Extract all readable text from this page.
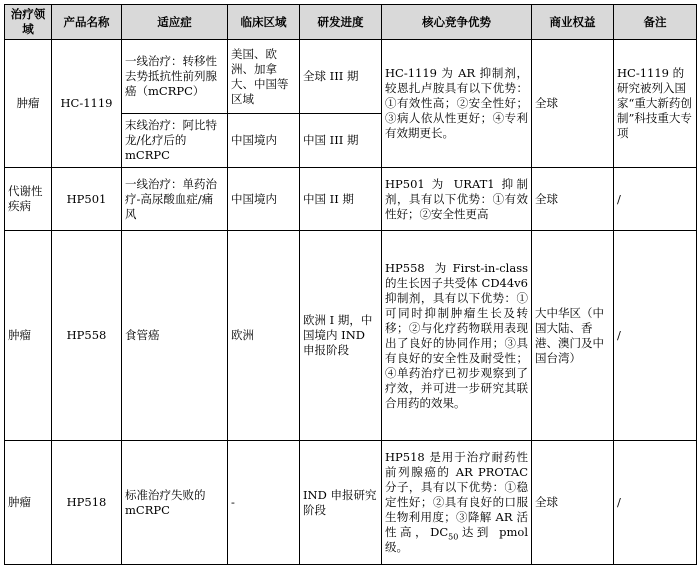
治疗领域	产品名称	适应症	临床区域	研发进度	核心竞争优势	商业权益	备注
肿瘤	HC-1119	一线治疗：转移性去势抵抗性前列腺癌（mCRPC）	美国、欧洲、加拿大、中国等区域	全球 III 期	HC-1119 为 AR 抑制剂，较恩扎卢胺具有以下优势：①有效性高；②安全性好；③病人依从性更好；④专利有效期更长。	全球	HC-1119 的研究被列入国家“重大新药创制”科技重大专项
		末线治疗：阿比特龙/化疗后的 mCRPC	中国境内	中国 III 期			
代谢性疾病	HP501	一线治疗：单药治疗-高尿酸血症/痛风	中国境内	中国 II 期	HP501 为 URAT1 抑制剂，具有以下优势：①有效性好；②安全性更高	全球	/
肿瘤	HP558	食管癌	欧洲	欧洲 I 期，中国境内 IND 申报阶段	HP558 为First-in-class 的生长因子共受体 CD44v6 抑制剂，具有以下优势：①可同时抑制肿瘤生长及转移；②与化疗药物联用表现出了良好的协同作用；③具有良好的安全性及耐受性；④单药治疗已初步观察到了疗效，并可进一步研究其联合用药的效果。	大中华区（中国大陆、香港、澳门及中国台湾）	/
肿瘤	HP518	标准治疗失败的 mCRPC	-	IND 申报研究阶段	HP518 是用于治疗耐药性前列腺癌的 AR PROTAC 分子，具有以下优势：①稳定性好；②具有良好的口服生物利用度；③降解 AR 活性高，$DC_{50}$达到 pmol 级。	全球	/
